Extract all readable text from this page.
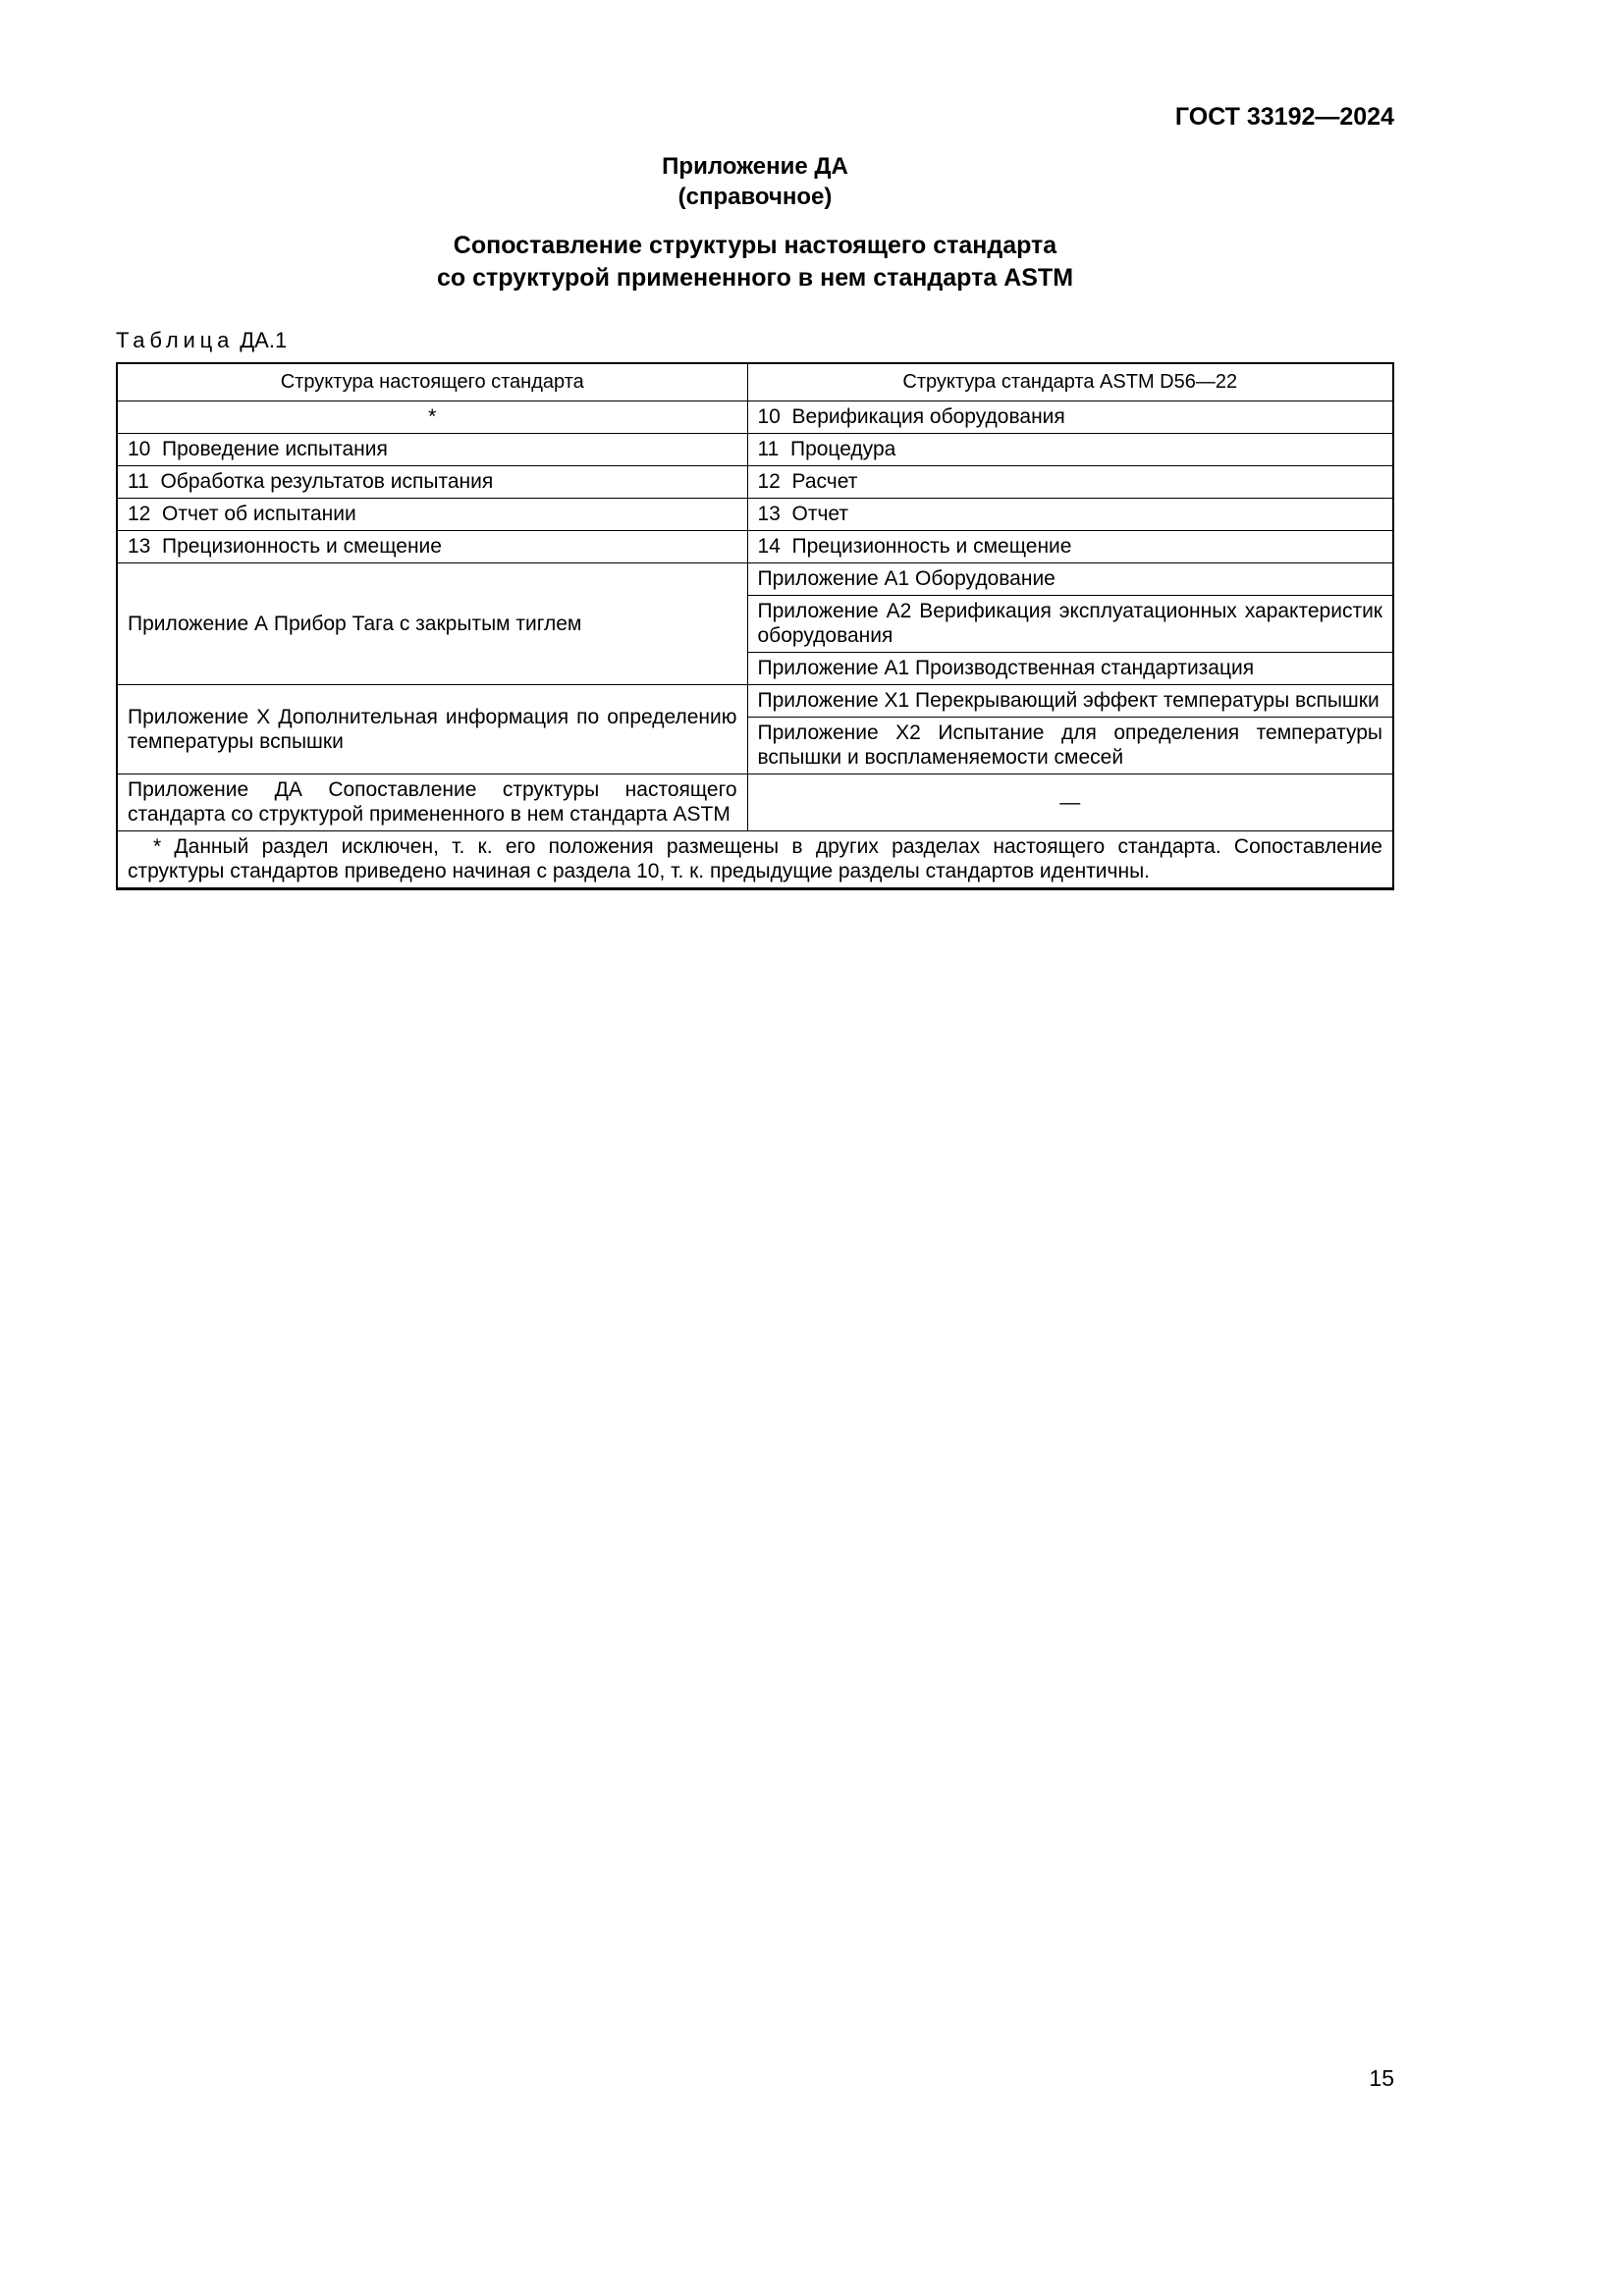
ГОСТ 33192—2024
Приложение ДА
(справочное)
Сопоставление структуры настоящего стандарта
со структурой примененного в нем стандарта ASTM
Таблица ДА.1
Структура настоящего стандарта	Структура стандарта ASTM D56—22
*	10  Верификация оборудования
10  Проведение испытания	11  Процедура
11  Обработка результатов испытания	12  Расчет
12  Отчет об испытании	13  Отчет
13  Прецизионность и смещение	14  Прецизионность и смещение
Приложение А Прибор Тага с закрытым тиглем	Приложение А1 Оборудование
	Приложение А2 Верификация эксплуатационных характеристик оборудования
	Приложение А1 Производственная стандартизация
Приложение Х Дополнительная информация по определению температуры вспышки	Приложение Х1 Перекрывающий эффект температуры вспышки
	Приложение Х2 Испытание для определения температуры вспышки и воспламеняемости смесей
Приложение ДА Сопоставление структуры настоящего стандарта со структурой примененного в нем стандарта ASTM	—
* Данный раздел исключен, т. к. его положения размещены в других разделах настоящего стандарта. Сопоставление структуры стандартов приведено начиная с раздела 10, т. к. предыдущие разделы стандартов идентичны.	
15
